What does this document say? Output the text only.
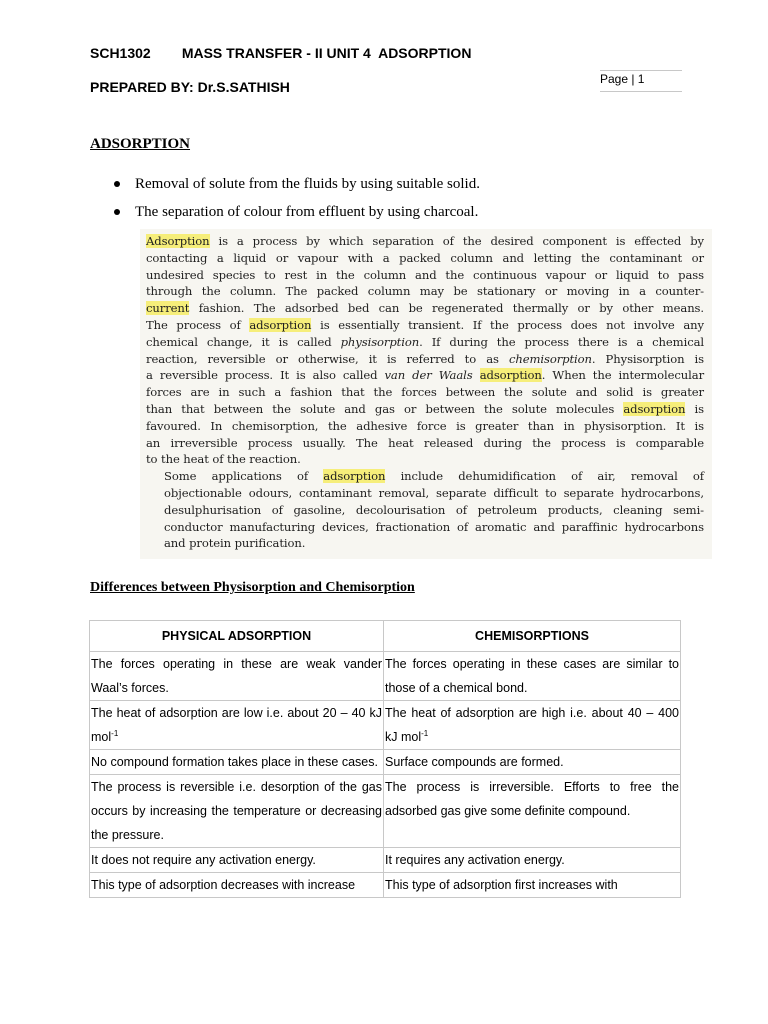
SCH1302        MASS TRANSFER - II UNIT 4  ADSORPTION
PREPARED BY: Dr.S.SATHISH	Page | 1
ADSORPTION
Removal of solute from the fluids by using suitable solid.
The separation of colour from effluent by using charcoal.

Adsorption is a process by which separation of the desired component is effected by
contacting a liquid or vapour with a packed column and letting the contaminant or
undesired species to rest in the column and the continuous vapour or liquid to pass
through the column. The packed column may be stationary or moving in a counter-
current fashion. The adsorbed bed can be regenerated thermally or by other means.
The process of adsorption is essentially transient. If the process does not involve any
chemical change, it is called physisorption. If during the process there is a chemical
reaction, reversible or otherwise, it is referred to as chemisorption. Physisorption is
a reversible process. It is also called van der Waals adsorption. When the intermolecular
forces are in such a fashion that the forces between the solute and solid is greater
than that between the solute and gas or between the solute molecules adsorption is
favoured. In chemisorption, the adhesive force is greater than in physisorption. It is
an irreversible process usually. The heat released during the process is comparable
to the heat of the reaction.

Some applications of adsorption include dehumidification of air, removal of
objectionable odours, contaminant removal, separate difficult to separate hydrocarbons,
desulphurisation of gasoline, decolourisation of petroleum products, cleaning semi-
conductor manufacturing devices, fractionation of aromatic and paraffinic hydrocarbons
and protein purification.

Differences between Physisorption and Chemisorption
PHYSICAL ADSORPTION	CHEMISORPTIONS
The forces operating in these are weak vander Waal’s forces.	The forces operating in these cases are similar to those of a chemical bond.
The heat of adsorption are low i.e. about 20 – 40 kJ mol$^{-1}$	The heat of adsorption are high i.e. about 40 – 400 kJ mol$^{-1}$
No compound formation takes place in these cases.	Surface compounds are formed.
The process is reversible i.e. desorption of the gas occurs by increasing the temperature or decreasing the pressure.	The process is irreversible. Efforts to free the adsorbed gas give some definite compound.
It does not require any activation energy.	It requires any activation energy.
This type of adsorption decreases with increase	This type of adsorption first increases with
